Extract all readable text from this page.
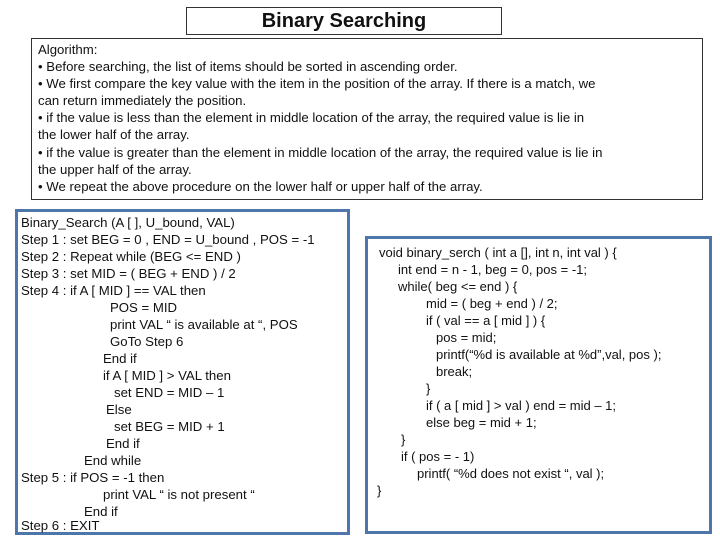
Binary Searching
Algorithm:
• Before searching, the list of items should be sorted in ascending order.
• We first compare the key value with the item in the position of the array. If there is a match, we
can return immediately the position.
• if the value is less than the element in middle location of the array, the required value is lie in
the lower half of the array.
• if the value is greater than the element in middle location of the array, the required value is lie in
the upper half of the array.
• We repeat the above procedure on the lower half or upper half of the array.
Binary_Search (A [ ], U_bound, VAL)
Step 1 : set BEG = 0 , END = U_bound , POS = -1
Step 2 : Repeat while (BEG <= END )
Step 3 : set MID = ( BEG + END ) / 2
Step 4 : if A [ MID ] == VAL then
POS = MID
print VAL “ is available at “, POS
GoTo Step 6
End if
if A [ MID ] > VAL then
set END = MID – 1
Else
set BEG = MID + 1
End if
End while
Step 5 : if POS = -1 then
print VAL “ is not present “
End if
Step 6 : EXIT
void binary_serch ( int a [], int n, int val ) {
int end = n - 1, beg = 0, pos = -1;
while( beg <= end ) {
mid = ( beg + end ) / 2;
if ( val == a [ mid ] ) {
pos = mid;
printf(“%d is available at %d”,val, pos );
break;
}
if ( a [ mid ] > val ) end = mid – 1;
else beg = mid + 1;
}
if ( pos = - 1)
printf( “%d does not exist “, val );
}
